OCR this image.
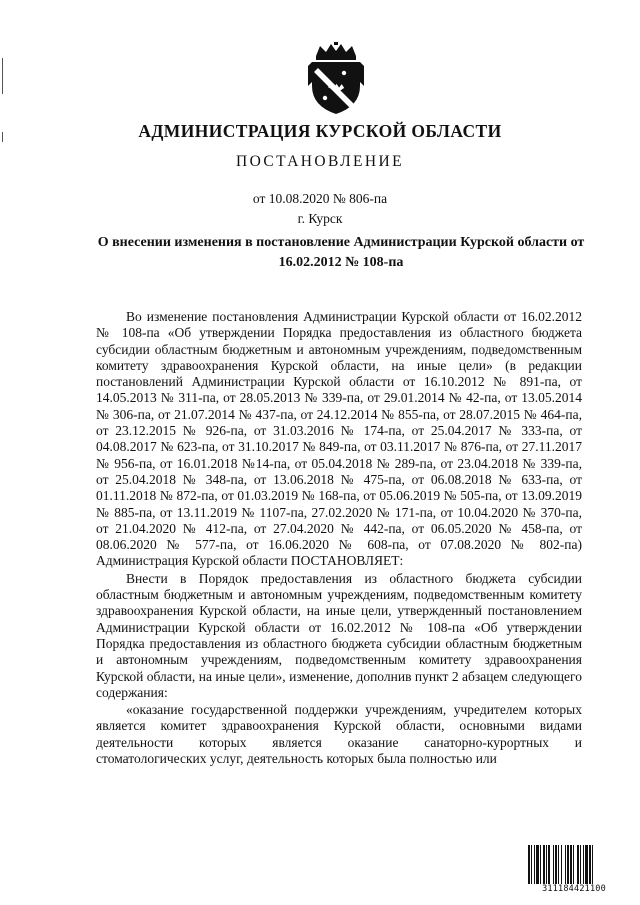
АДМИНИСТРАЦИЯ КУРСКОЙ ОБЛАСТИ
ПОСТАНОВЛЕНИЕ
от 10.08.2020 № 806-па
г. Курск
О внесении изменения в постановление Администрации Курской области от 16.02.2012 № 108-па

Во изменение постановления Администрации Курской области от 16.02.2012 № 108-па «Об утверждении Порядка предоставления из областного бюджета субсидии областным бюджетным и автономным учреждениям, подведомственным комитету здравоохранения Курской области, на иные цели» (в редакции постановлений Администрации Курской области от 16.10.2012 № 891-па, от 14.05.2013 № 311-па, от 28.05.2013 № 339-па, от 29.01.2014 № 42-па, от 13.05.2014 № 306-па, от 21.07.2014 № 437-па, от 24.12.2014 № 855-па, от 28.07.2015 № 464-па, от 23.12.2015 № 926-па, от 31.03.2016 № 174-па, от 25.04.2017 № 333-па, от 04.08.2017 № 623-па, от 31.10.2017 № 849-па, от 03.11.2017 № 876-па, от 27.11.2017 № 956-па, от 16.01.2018 №14-па, от 05.04.2018 № 289-па, от 23.04.2018 № 339-па, от 25.04.2018 № 348-па, от 13.06.2018 № 475-па, от 06.08.2018 № 633-па, от 01.11.2018 № 872-па, от 01.03.2019 № 168-па, от 05.06.2019 № 505-па, от 13.09.2019 № 885-па, от 13.11.2019 № 1107-па, 27.02.2020 № 171-па, от 10.04.2020 № 370-па, от 21.04.2020 № 412-па, от 27.04.2020 № 442-па, от 06.05.2020 № 458-па, от 08.06.2020 № 577-па, от 16.06.2020 № 608-па, от 07.08.2020 № 802-па) Администрация Курской области ПОСТАНОВЛЯЕТ:

Внести в Порядок предоставления из областного бюджета субсидии областным бюджетным и автономным учреждениям, подведомственным комитету здравоохранения Курской области, на иные цели, утвержденный постановлением Администрации Курской области от 16.02.2012 № 108-па «Об утверждении Порядка предоставления из областного бюджета субсидии областным бюджетным и автономным учреждениям, подведомственным комитету здравоохранения Курской области, на иные цели», изменение, дополнив пункт 2 абзацем следующего содержания:

«оказание государственной поддержки учреждениям, учредителем которых является комитет здравоохранения Курской области, основными видами деятельности которых является оказание санаторно-курортных и стоматологических услуг, деятельность которых была полностью или

311184421100
